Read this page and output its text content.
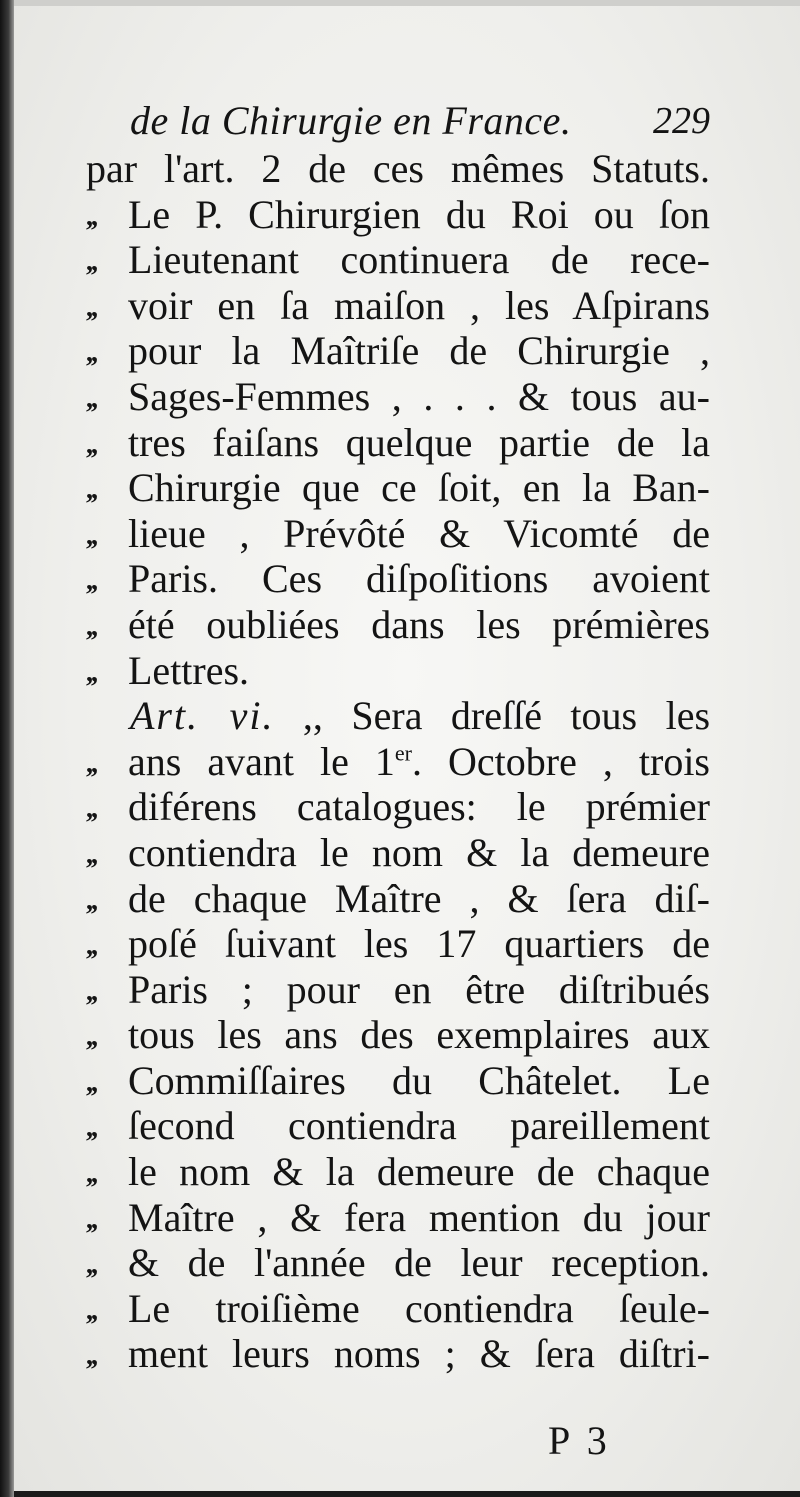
de la Chirurgie en France. 229
par l'art. 2 de ces mêmes Statuts.
,, Le P. Chirurgien du Roi ou ſon
,, Lieutenant continuera de rece-
,, voir en ſa maiſon , les Aſpirans
,, pour la Maîtriſe de Chirurgie ,
,, Sages-Femmes , . . . & tous au-
,, tres faiſans quelque partie de la
,, Chirurgie que ce ſoit, en la Ban-
,, lieue , Prévôté & Vicomté de
,, Paris. Ces diſpoſitions avoient
,, été oubliées dans les prémières
,, Lettres.
Art. vi. ,, Sera dreſſé tous les
,, ans avant le 1er. Octobre , trois
,, diférens catalogues: le prémier
,, contiendra le nom & la demeure
,, de chaque Maître , & ſera diſ-
,, poſé ſuivant les 17 quartiers de
,, Paris ; pour en être diſtribués
,, tous les ans des exemplaires aux
,, Commiſſaires du Châtelet. Le
,, ſecond contiendra pareillement
,, le nom & la demeure de chaque
,, Maître , & fera mention du jour
,, & de l'année de leur reception.
,, Le troiſième contiendra ſeule-
,, ment leurs noms ; & ſera diſtri-
P 3
